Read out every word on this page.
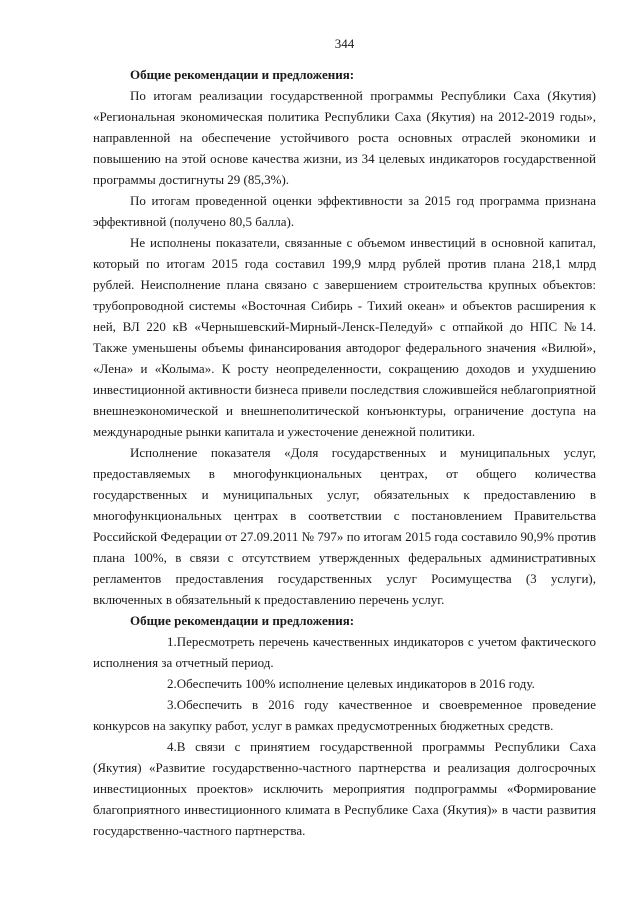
344
Общие рекомендации и предложения:

По итогам реализации государственной программы Республики Саха (Якутия) «Региональная экономическая политика Республики Саха (Якутия) на 2012-2019 годы», направленной на обеспечение устойчивого роста основных отраслей экономики и повышению на этой основе качества жизни, из 34 целевых индикаторов государственной программы достигнуты 29 (85,3%).

По итогам проведенной оценки эффективности за 2015 год программа признана эффективной (получено 80,5 балла).

Не исполнены показатели, связанные с объемом инвестиций в основной капитал, который по итогам 2015 года составил 199,9 млрд рублей против плана 218,1 млрд рублей. Неисполнение плана связано с завершением строительства крупных объектов: трубопроводной системы «Восточная Сибирь - Тихий океан» и объектов расширения к ней, ВЛ 220 кВ «Чернышевский-Мирный-Ленск-Пеледуй» с отпайкой до НПС №14. Также уменьшены объемы финансирования автодорог федерального значения «Вилюй», «Лена» и «Колыма». К росту неопределенности, сокращению доходов и ухудшению инвестиционной активности бизнеса привели последствия сложившейся неблагоприятной внешнеэкономической и внешнеполитической конъюнктуры, ограничение доступа на международные рынки капитала и ужесточение денежной политики.

Исполнение показателя «Доля государственных и муниципальных услуг, предоставляемых в многофункциональных центрах, от общего количества государственных и муниципальных услуг, обязательных к предоставлению в многофункциональных центрах в соответствии с постановлением Правительства Российской Федерации от 27.09.2011 № 797» по итогам 2015 года составило 90,9% против плана 100%, в связи с отсутствием утвержденных федеральных административных регламентов предоставления государственных услуг Росимущества (3 услуги), включенных в обязательный к предоставлению перечень услуг.

Общие рекомендации и предложения:

1.Пересмотреть перечень качественных индикаторов с учетом фактического исполнения за отчетный период.

2.Обеспечить 100% исполнение целевых индикаторов в 2016 году.

3.Обеспечить в 2016 году качественное и своевременное проведение конкурсов на закупку работ, услуг в рамках предусмотренных бюджетных средств.

4.В связи с принятием государственной программы Республики Саха (Якутия) «Развитие государственно-частного партнерства и реализация долгосрочных инвестиционных проектов» исключить мероприятия подпрограммы «Формирование благоприятного инвестиционного климата в Республике Саха (Якутия)» в части развития государственно-частного партнерства.
